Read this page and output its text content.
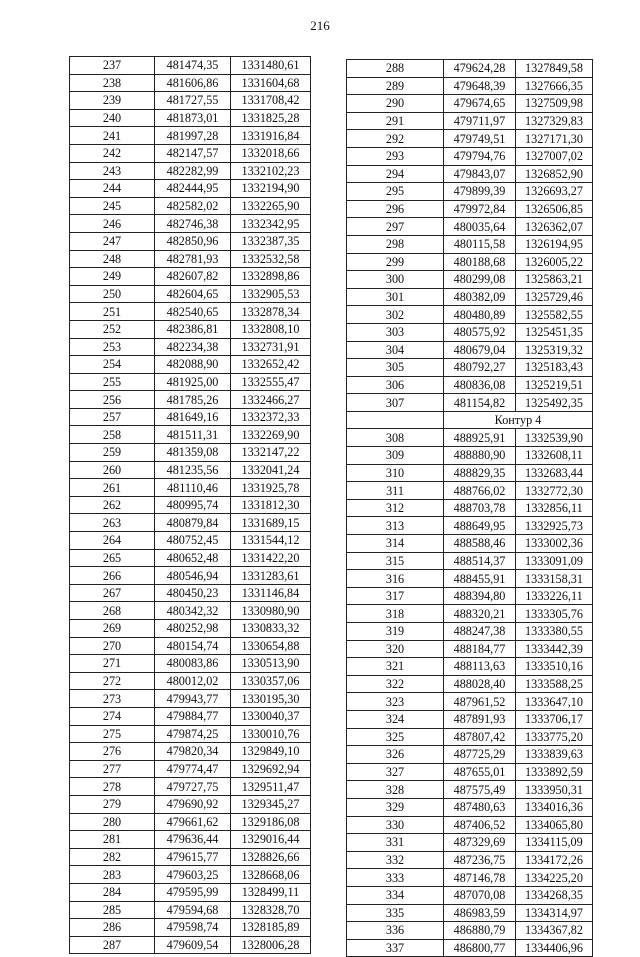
216
237	481474,35	1331480,61
238	481606,86	1331604,68
239	481727,55	1331708,42
240	481873,01	1331825,28
241	481997,28	1331916,84
242	482147,57	1332018,66
243	482282,99	1332102,23
244	482444,95	1332194,90
245	482582,02	1332265,90
246	482746,38	1332342,95
247	482850,96	1332387,35
248	482781,93	1332532,58
249	482607,82	1332898,86
250	482604,65	1332905,53
251	482540,65	1332878,34
252	482386,81	1332808,10
253	482234,38	1332731,91
254	482088,90	1332652,42
255	481925,00	1332555,47
256	481785,26	1332466,27
257	481649,16	1332372,33
258	481511,31	1332269,90
259	481359,08	1332147,22
260	481235,56	1332041,24
261	481110,46	1331925,78
262	480995,74	1331812,30
263	480879,84	1331689,15
264	480752,45	1331544,12
265	480652,48	1331422,20
266	480546,94	1331283,61
267	480450,23	1331146,84
268	480342,32	1330980,90
269	480252,98	1330833,32
270	480154,74	1330654,88
271	480083,86	1330513,90
272	480012,02	1330357,06
273	479943,77	1330195,30
274	479884,77	1330040,37
275	479874,25	1330010,76
276	479820,34	1329849,10
277	479774,47	1329692,94
278	479727,75	1329511,47
279	479690,92	1329345,27
280	479661,62	1329186,08
281	479636,44	1329016,44
282	479615,77	1328826,66
283	479603,25	1328668,06
284	479595,99	1328499,11
285	479594,68	1328328,70
286	479598,74	1328185,89
287	479609,54	1328006,28
288	479624,28	1327849,58
289	479648,39	1327666,35
290	479674,65	1327509,98
291	479711,97	1327329,83
292	479749,51	1327171,30
293	479794,76	1327007,02
294	479843,07	1326852,90
295	479899,39	1326693,27
296	479972,84	1326506,85
297	480035,64	1326362,07
298	480115,58	1326194,95
299	480188,68	1326005,22
300	480299,08	1325863,21
301	480382,09	1325729,46
302	480480,89	1325582,55
303	480575,92	1325451,35
304	480679,04	1325319,32
305	480792,27	1325183,43
306	480836,08	1325219,51
307	481154,82	1325492,35
	Контур 4	
308	488925,91	1332539,90
309	488880,90	1332608,11
310	488829,35	1332683,44
311	488766,02	1332772,30
312	488703,78	1332856,11
313	488649,95	1332925,73
314	488588,46	1333002,36
315	488514,37	1333091,09
316	488455,91	1333158,31
317	488394,80	1333226,11
318	488320,21	1333305,76
319	488247,38	1333380,55
320	488184,77	1333442,39
321	488113,63	1333510,16
322	488028,40	1333588,25
323	487961,52	1333647,10
324	487891,93	1333706,17
325	487807,42	1333775,20
326	487725,29	1333839,63
327	487655,01	1333892,59
328	487575,49	1333950,31
329	487480,63	1334016,36
330	487406,52	1334065,80
331	487329,69	1334115,09
332	487236,75	1334172,26
333	487146,78	1334225,20
334	487070,08	1334268,35
335	486983,59	1334314,97
336	486880,79	1334367,82
337	486800,77	1334406,96
